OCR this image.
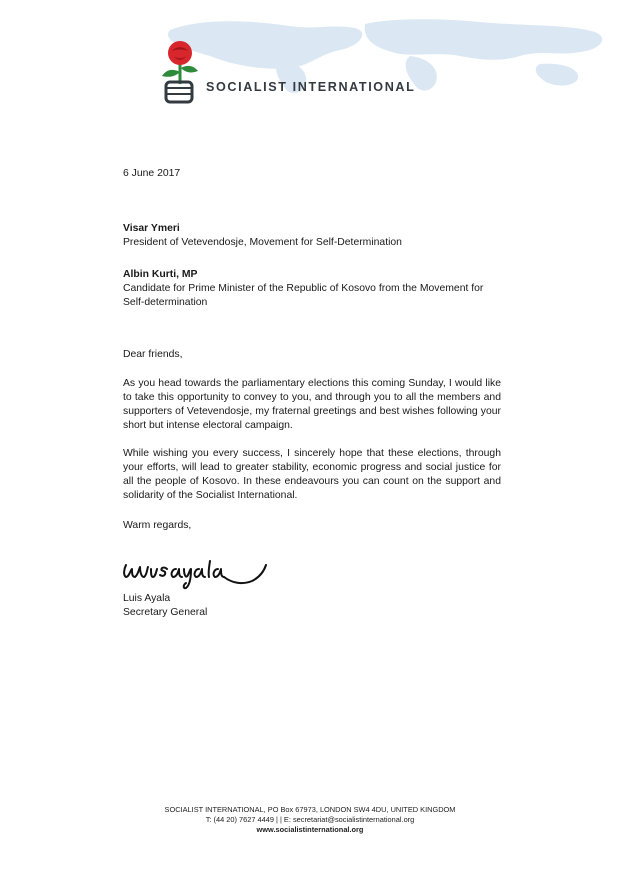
SOCIALIST INTERNATIONAL
6 June 2017
Visar Ymeri
President of Vetevendosje, Movement for Self-Determination
Albin Kurti, MP
Candidate for Prime Minister of the Republic of Kosovo from the Movement for Self-determination
Dear friends,

As you head towards the parliamentary elections this coming Sunday, I would like to take this opportunity to convey to you, and through you to all the members and supporters of Vetevendosje, my fraternal greetings and best wishes following your short but intense electoral campaign.

While wishing you every success, I sincerely hope that these elections, through your efforts, will lead to greater stability, economic progress and social justice for all the people of Kosovo. In these endeavours you can count on the support and solidarity of the Socialist International.

Warm regards,
Luis Ayala
Secretary General
SOCIALIST INTERNATIONAL, PO Box 67973, LONDON SW4 4DU, UNITED KINGDOM
T: (44 20) 7627 4449 | | E: secretariat@socialistinternational.org
www.socialistinternational.org
